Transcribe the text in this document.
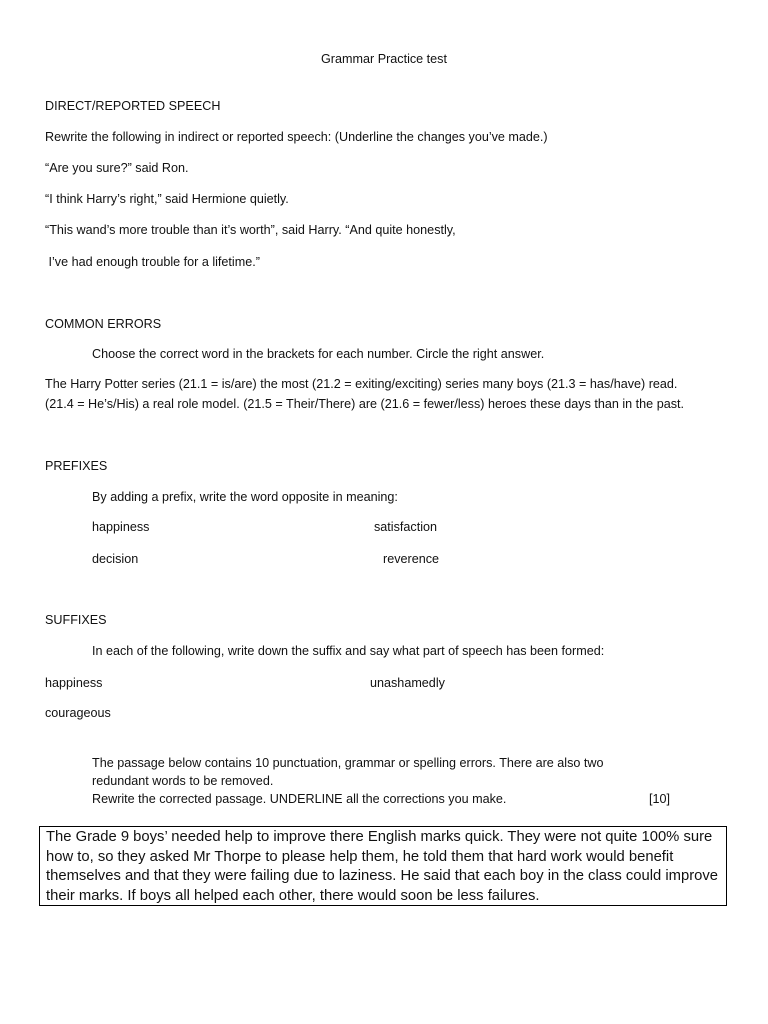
Grammar Practice test
DIRECT/REPORTED SPEECH
Rewrite the following in indirect or reported speech: (Underline the changes you’ve made.)
“Are you sure?” said Ron.
“I think Harry’s right,” said Hermione quietly.
“This wand’s more trouble than it’s worth”, said Harry. “And quite honestly,
I’ve had enough trouble for a lifetime.”
COMMON ERRORS
Choose the correct word in the brackets for each number. Circle the right answer.
The Harry Potter series (21.1 = is/are) the most (21.2 = exiting/exciting) series many boys (21.3 = has/have) read.
(21.4 = He’s/His) a real role model. (21.5 = Their/There) are (21.6 = fewer/less) heroes these days than in the past.
PREFIXES
By adding a prefix, write the word opposite in meaning:
happiness	satisfaction
decision	reverence
SUFFIXES
In each of the following, write down the suffix and say what part of speech has been formed:
happiness	unashamedly
courageous
The passage below contains 10 punctuation, grammar or spelling errors. There are also two
redundant words to be removed.
Rewrite the corrected passage. UNDERLINE all the corrections you make.	[10]
The Grade 9 boys’ needed help to improve there English marks quick. They were not quite 100% sure how to, so they asked Mr Thorpe to please help them, he told them that hard work would benefit themselves and that they were failing due to laziness. He said that each boy in the class could improve their marks. If boys all helped each other, there would soon be less failures.
